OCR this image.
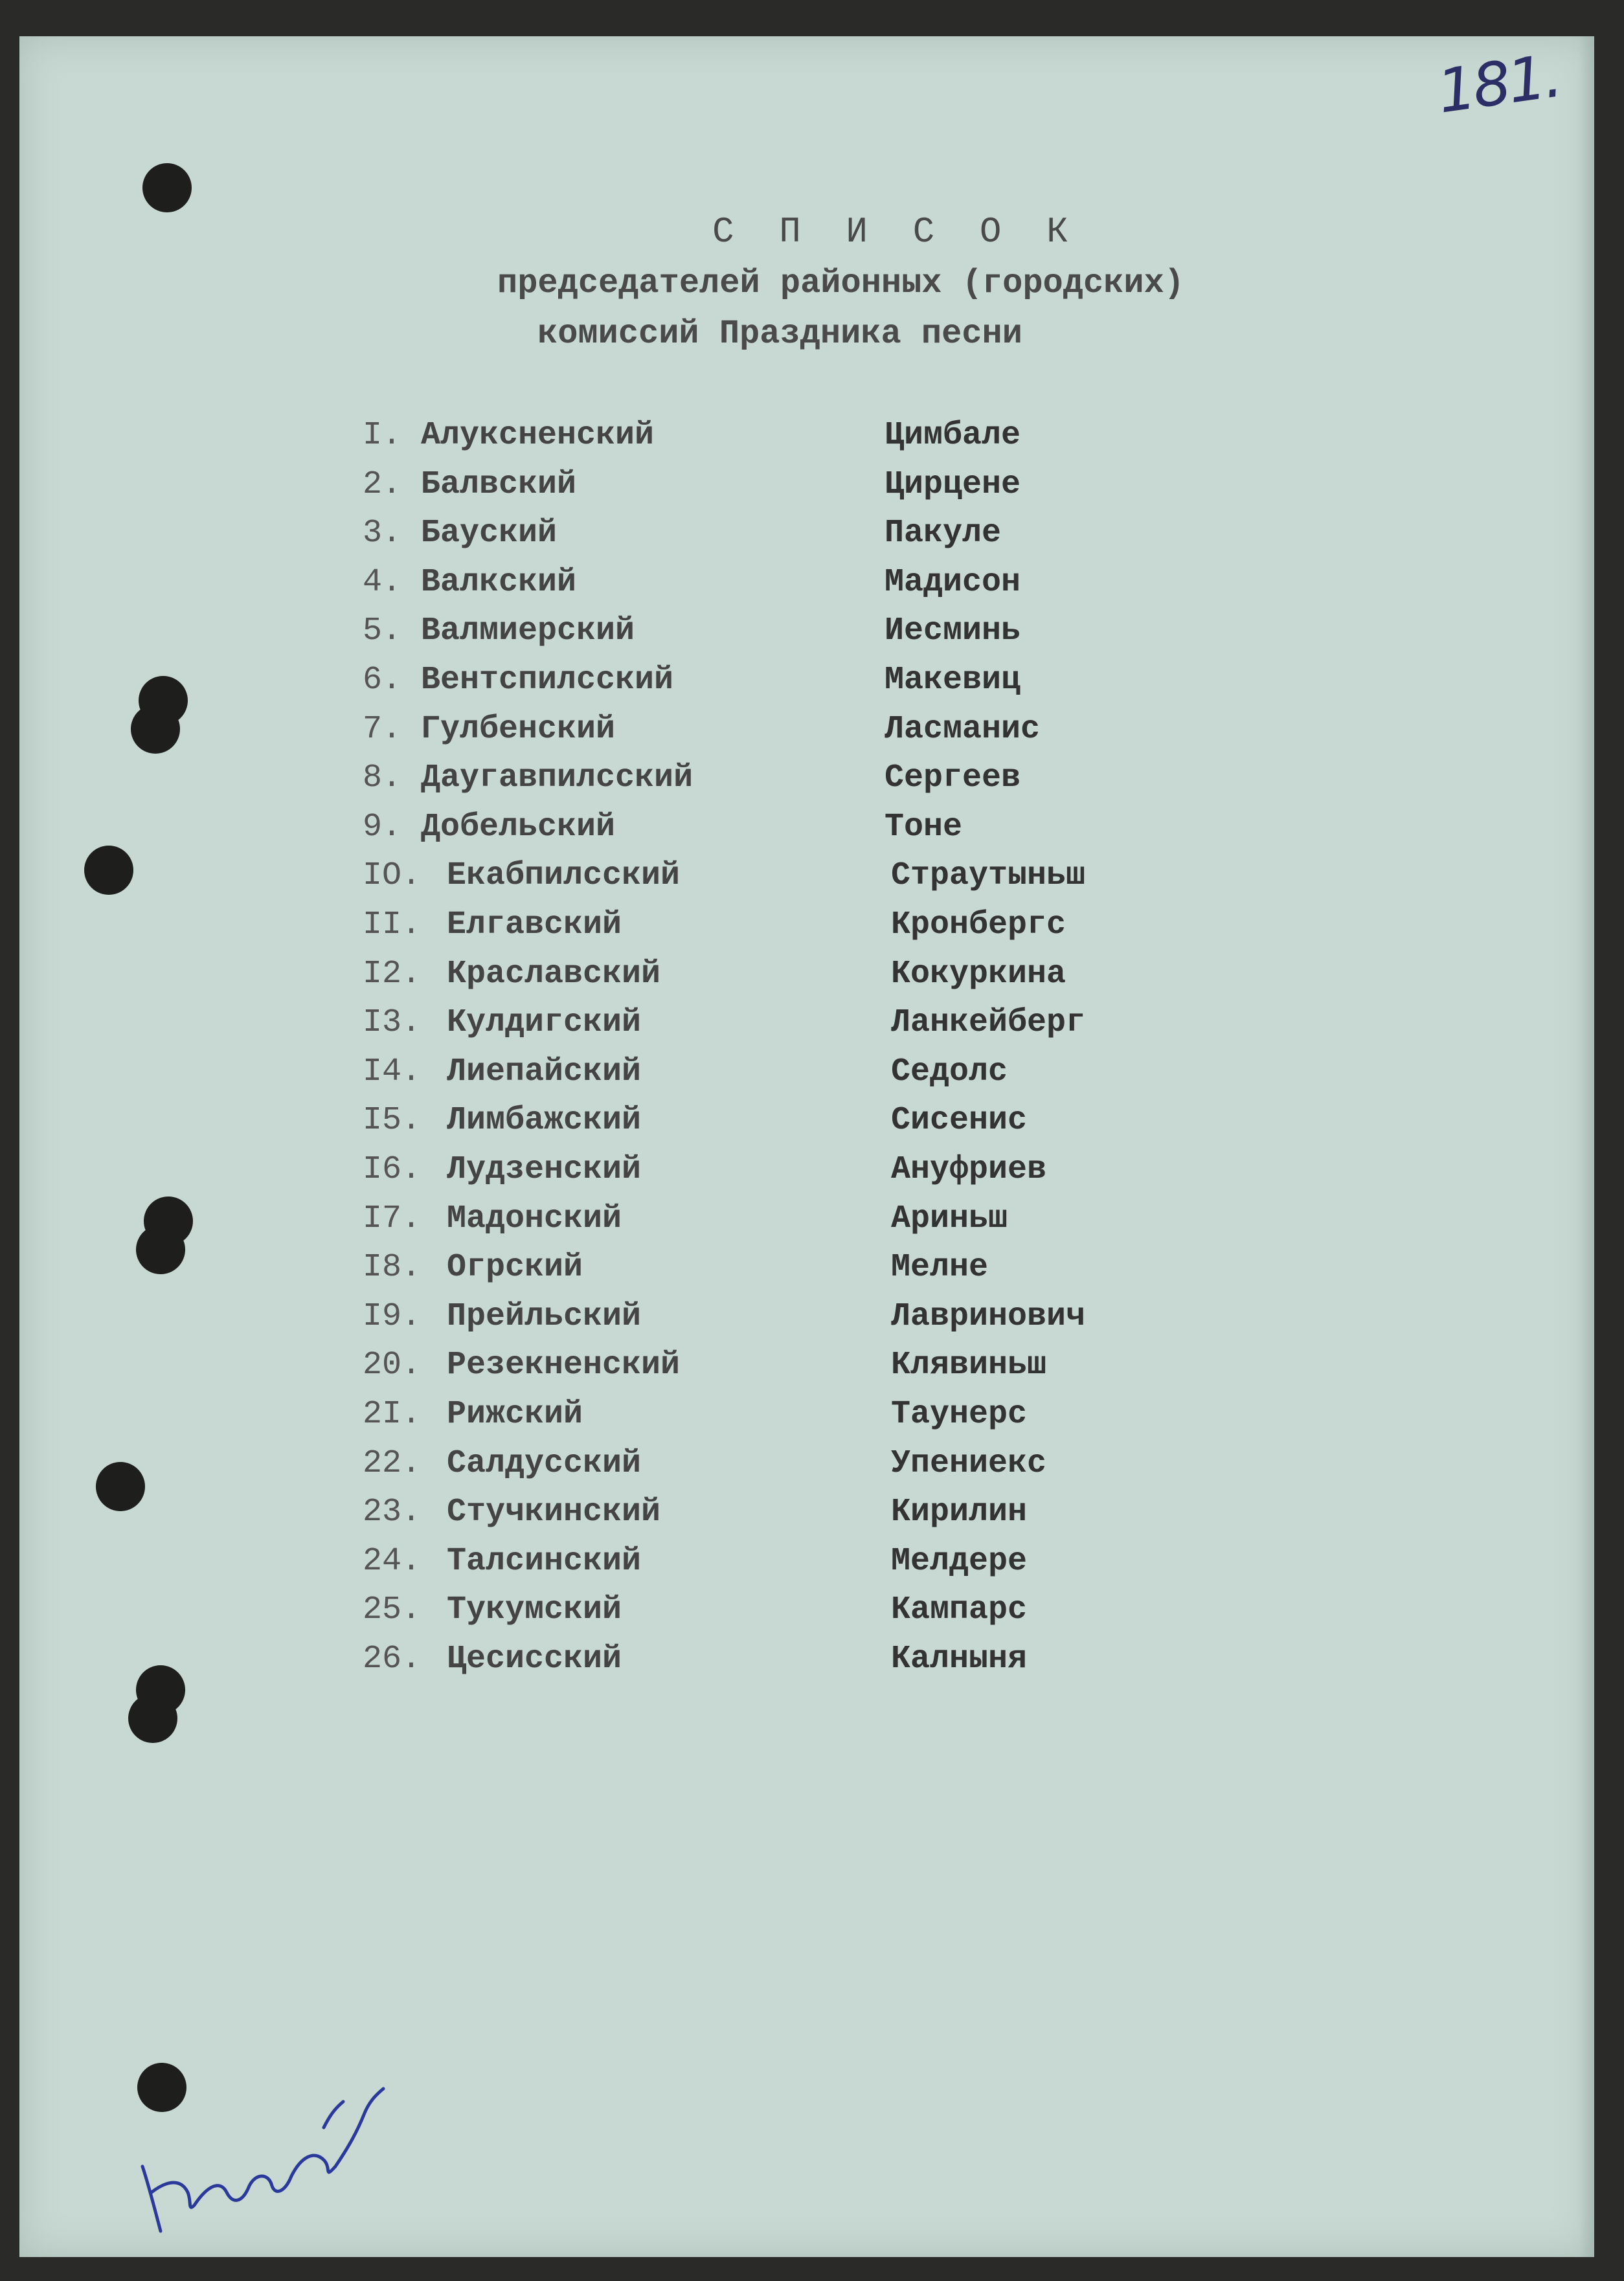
181.
С П И С О К
председателей районных (городских)
комиссий Праздника песни
I. Алуксненский	Цимбале
2. Балвский	Цирцене
3. Бауский	Пакуле
4. Валкский	Мадисон
5. Валмиерский	Иесминь
6. Вентспилсский	Макевиц
7. Гулбенский	Ласманис
8. Даугавпилсский	Сергеев
9. Добельский	Тоне
IO. Екабпилсский	Страутыньш
II. Елгавский	Кронбергс
I2. Краславский	Кокуркина
I3. Кулдигский	Ланкейберг
I4. Лиепайский	Седолс
I5. Лимбажский	Сисенис
I6. Лудзенский	Ануфриев
I7. Мадонский	Ариньш
I8. Огрский	Мелне
I9. Прейльский	Лавринович
20. Резекненский	Клявиньш
2I. Рижский	Таунерс
22. Салдусский	Упениекс
23. Стучкинский	Кирилин
24. Талсинский	Мелдере
25. Тукумский	Кампарс
26. Цесисский	Калныня
